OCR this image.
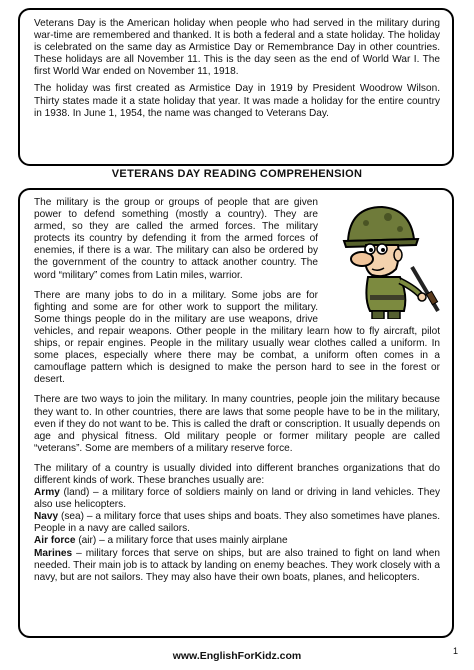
Veterans Day is the American holiday when people who had served in the military during war-time are remembered and thanked. It is both a federal and a state holiday. The holiday is celebrated on the same day as Armistice Day or Remembrance Day in other countries. These holidays are all November 11. This is the day seen as the end of World War I. The first World War ended on November 11, 1918.

The holiday was first created as Armistice Day in 1919 by President Woodrow Wilson. Thirty states made it a state holiday that year. It was made a holiday for the entire country in 1938. In June 1, 1954, the name was changed to Veterans Day.

VETERANS DAY READING COMPREHENSION

The military is the group or groups of people that are given power to defend something (mostly a country). They are armed, so they are called the armed forces. The military protects its country by defending it from the armed forces of enemies, if there is a war. The military can also be ordered by the government of the country to attack another country. The word “military” comes from Latin miles, warrior.

There are many jobs to do in a military. Some jobs are for fighting and some are for other work to support the military. Some things people do in the military are use weapons, drive vehicles, and repair weapons. Other people in the military learn how to fly aircraft, pilot ships, or repair engines. People in the military usually wear clothes called a uniform. In some places, especially where there may be combat, a uniform often comes in a camouflage pattern which is designed to make the person hard to see in the forest or desert.

There are two ways to join the military. In many countries, people join the military because they want to. In other countries, there are laws that some people have to be in the military, even if they do not want to be. This is called the draft or conscription. It usually depends on age and physical fitness. Old military people or former military people are called “veterans”. Some are members of a military reserve force.

The military of a country is usually divided into different branches organizations that do different kinds of work. These branches usually are:

Army (land) – a military force of soldiers mainly on land or driving in land vehicles. They also use helicopters.

Navy (sea) – a military force that uses ships and boats. They also sometimes have planes. People in a navy are called sailors.

Air force (air) – a military force that uses mainly airplane

Marines – military forces that serve on ships, but are also trained to fight on land when needed. Their main job is to attack by landing on enemy beaches. They work closely with a navy, but are not sailors. They may also have their own boats, planes, and helicopters.

www.EnglishForKidz.com	1
